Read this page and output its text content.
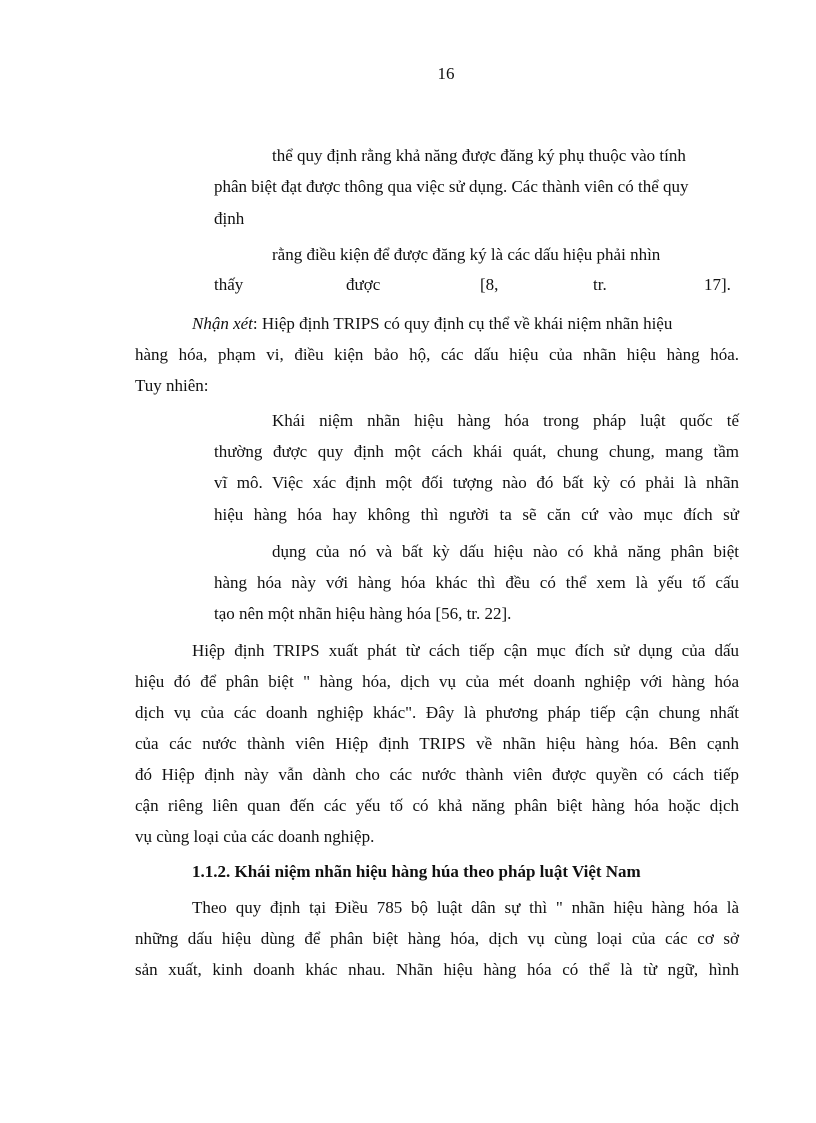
16
thể quy định rằng khả năng được đăng ký phụ thuộc vào tính
phân biệt đạt được thông qua việc sử dụng. Các thành viên có thể quy
định
rằng điều kiện để được đăng ký là các dấu hiệu phải nhìn
thấy	được	[8,	tr.	17].
Nhận xét: Hiệp định TRIPS có quy định cụ thể về khái niệm nhãn hiệu
hàng hóa, phạm vi, điều kiện bảo hộ, các dấu hiệu của nhãn hiệu hàng hóa.
Tuy nhiên:
Khái niệm nhãn hiệu hàng hóa trong pháp luật quốc tế
thường được quy định một cách khái quát, chung chung, mang tầm
vĩ mô. Việc xác định một đối tượng nào đó bất kỳ có phải là nhãn
hiệu hàng hóa hay không thì người ta sẽ căn cứ vào mục đích sử
dụng của nó và bất kỳ dấu hiệu nào có khả năng phân biệt
hàng hóa này với hàng hóa khác thì đều có thể xem là yếu tố cấu
tạo nên một nhãn hiệu hàng hóa [56, tr. 22].
Hiệp định TRIPS xuất phát từ cách tiếp cận mục đích sử dụng của dấu
hiệu đó để phân biệt " hàng hóa, dịch vụ của mét doanh nghiệp với hàng hóa
dịch vụ của các doanh nghiệp khác". Đây là phương pháp tiếp cận chung nhất
của các nước thành viên Hiệp định TRIPS về nhãn hiệu hàng hóa. Bên cạnh
đó Hiệp định này vẫn dành cho các nước thành viên được quyền có cách tiếp
cận riêng liên quan đến các yếu tố có khả năng phân biệt hàng hóa hoặc dịch
vụ cùng loại của các doanh nghiệp.
1.1.2. Khái niệm nhãn hiệu hàng húa theo pháp luật Việt Nam
Theo quy định tại Điều 785 bộ luật dân sự thì " nhãn hiệu hàng hóa là
những dấu hiệu dùng để phân biệt hàng hóa, dịch vụ cùng loại của các cơ sở
sản xuất, kinh doanh khác nhau. Nhãn hiệu hàng hóa có thể là từ ngữ, hình
